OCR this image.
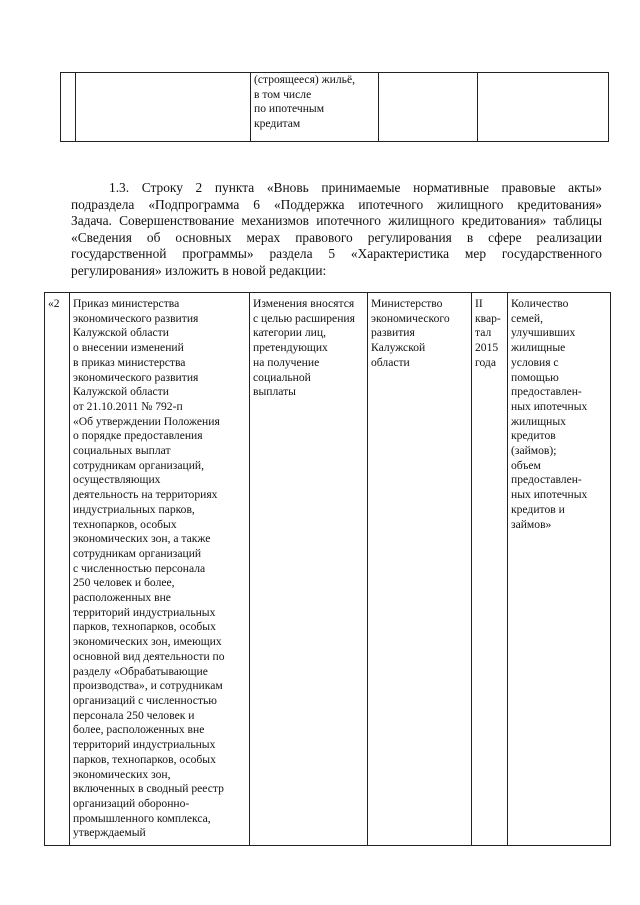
		(строящееся) жильё,
в том числе
по ипотечным
кредитам		
1.3. Строку 2 пункта «Вновь принимаемые нормативные правовые акты»
подраздела «Подпрограмма 6 «Поддержка ипотечного жилищного кредитования»
Задача. Совершенствование механизмов ипотечного жилищного кредитования» таблицы
«Сведения об основных мерах правового регулирования в сфере реализации
государственной программы» раздела 5 «Характеристика мер государственного
регулирования» изложить в новой редакции:
«2	Приказ министерства
экономического развития
Калужской области
о внесении изменений
в приказ министерства
экономического развития
Калужской области
от 21.10.2011 № 792-п
«Об утверждении Положения
о порядке предоставления
социальных выплат
сотрудникам организаций,
осуществляющих
деятельность на территориях
индустриальных парков,
технопарков, особых
экономических зон, а также
сотрудникам организаций
с численностью персонала
250 человек и более,
расположенных вне
территорий индустриальных
парков, технопарков, особых
экономических зон, имеющих
основной вид деятельности по
разделу «Обрабатывающие
производства», и сотрудникам
организаций с численностью
персонала 250 человек и
более, расположенных вне
территорий индустриальных
парков, технопарков, особых
экономических зон,
включенных в сводный реестр
организаций оборонно-
промышленного комплекса,
утверждаемый	Изменения вносятся
с целью расширения
категории лиц,
претендующих
на получение
социальной
выплаты	Министерство
экономического
развития
Калужской
области	II
квар-
тал
2015
года	Количество
семей,
улучшивших
жилищные
условия с
помощью
предоставлен-
ных ипотечных
жилищных
кредитов
(займов);
объем
предоставлен-
ных ипотечных
кредитов и
займов»
